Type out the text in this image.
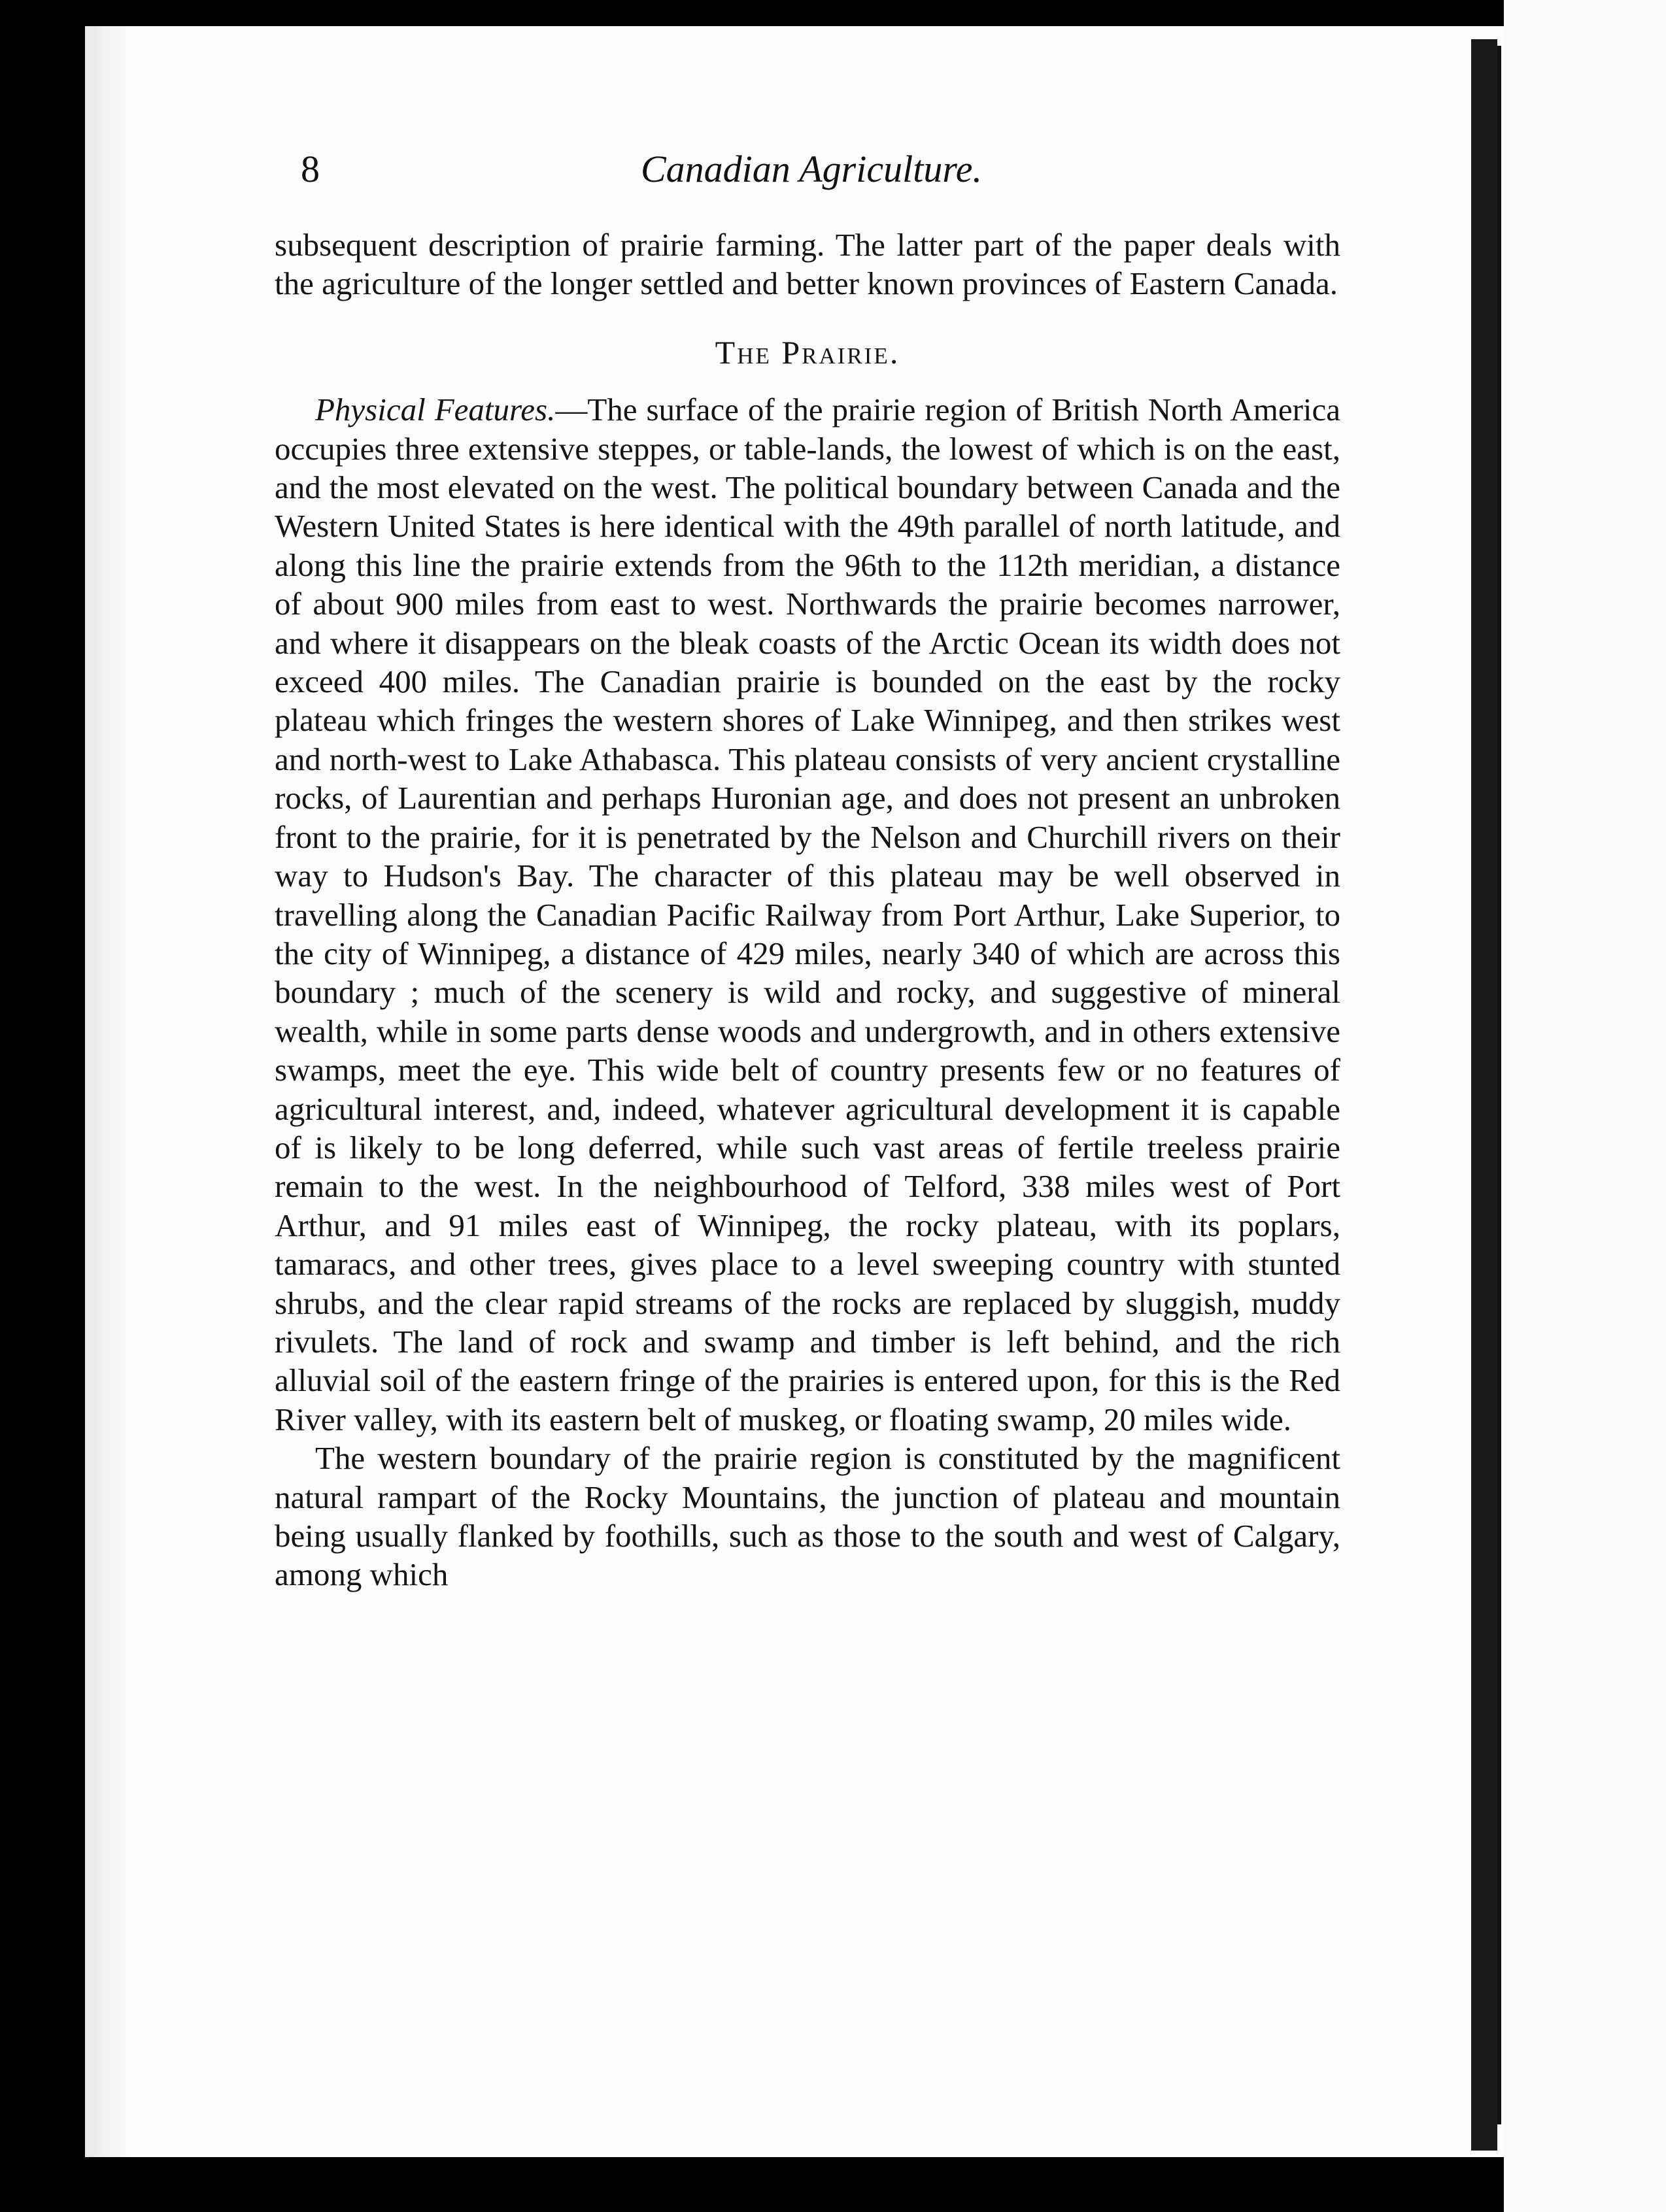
8	Canadian Agriculture.

subsequent description of prairie farming. The latter part of the paper deals with the agriculture of the longer settled and better known provinces of Eastern Canada.

The Prairie.

Physical Features.—The surface of the prairie region of British North America occupies three extensive steppes, or table-lands, the lowest of which is on the east, and the most elevated on the west. The political boundary between Canada and the Western United States is here identical with the 49th parallel of north latitude, and along this line the prairie extends from the 96th to the 112th meridian, a distance of about 900 miles from east to west. Northwards the prairie becomes narrower, and where it disappears on the bleak coasts of the Arctic Ocean its width does not exceed 400 miles. The Canadian prairie is bounded on the east by the rocky plateau which fringes the western shores of Lake Winnipeg, and then strikes west and north-west to Lake Athabasca. This plateau consists of very ancient crystalline rocks, of Laurentian and perhaps Huronian age, and does not present an unbroken front to the prairie, for it is penetrated by the Nelson and Churchill rivers on their way to Hudson's Bay. The character of this plateau may be well observed in travelling along the Canadian Pacific Railway from Port Arthur, Lake Superior, to the city of Winnipeg, a distance of 429 miles, nearly 340 of which are across this boundary ; much of the scenery is wild and rocky, and suggestive of mineral wealth, while in some parts dense woods and undergrowth, and in others extensive swamps, meet the eye. This wide belt of country presents few or no features of agricultural interest, and, indeed, whatever agricultural development it is capable of is likely to be long deferred, while such vast areas of fertile treeless prairie remain to the west. In the neighbourhood of Telford, 338 miles west of Port Arthur, and 91 miles east of Winnipeg, the rocky plateau, with its poplars, tamaracs, and other trees, gives place to a level sweeping country with stunted shrubs, and the clear rapid streams of the rocks are replaced by sluggish, muddy rivulets. The land of rock and swamp and timber is left behind, and the rich alluvial soil of the eastern fringe of the prairies is entered upon, for this is the Red River valley, with its eastern belt of muskeg, or floating swamp, 20 miles wide.

The western boundary of the prairie region is constituted by the magnificent natural rampart of the Rocky Mountains, the junction of plateau and mountain being usually flanked by foothills, such as those to the south and west of Calgary, among which
